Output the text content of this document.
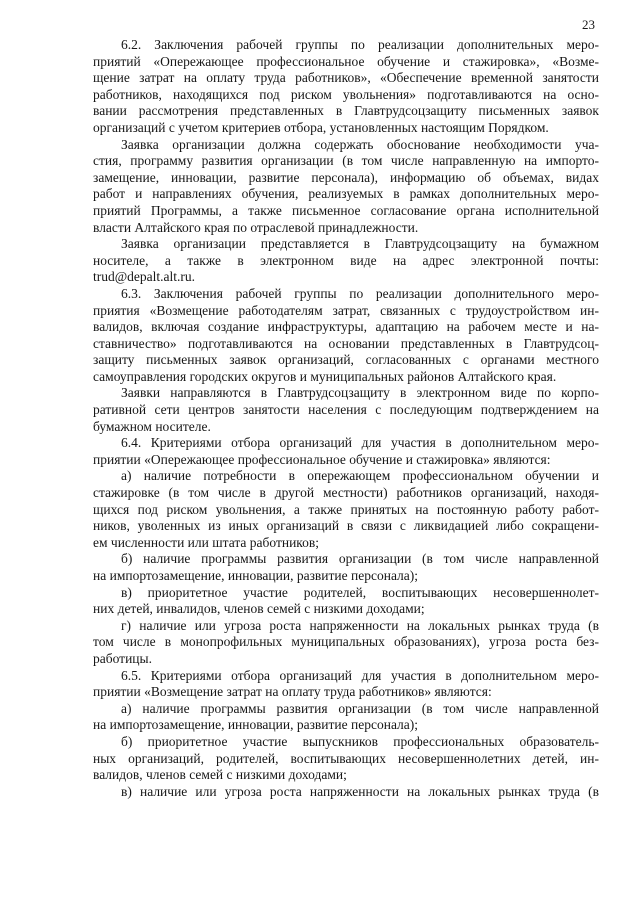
23
6.2. Заключения рабочей группы по реализации дополнительных меро-
приятий «Опережающее профессиональное обучение и стажировка», «Возме-
щение затрат на оплату труда работников», «Обеспечение временной занятости
работников, находящихся под риском увольнения» подготавливаются на осно-
вании рассмотрения представленных в Главтрудсоцзащиту письменных заявок
организаций с учетом критериев отбора, установленных настоящим Порядком.
Заявка организации должна содержать обоснование необходимости уча-
стия, программу развития организации (в том числе направленную на импорто-
замещение, инновации, развитие персонала), информацию об объемах, видах
работ и направлениях обучения, реализуемых в рамках дополнительных меро-
приятий Программы, а также письменное согласование органа исполнительной
власти Алтайского края по отраслевой принадлежности.
Заявка организации представляется в Главтрудсоцзащиту на бумажном
носителе, а также в электронном виде на адрес электронной почты:
trud@depalt.alt.ru.
6.3. Заключения рабочей группы по реализации дополнительного меро-
приятия «Возмещение работодателям затрат, связанных с трудоустройством ин-
валидов, включая создание инфраструктуры, адаптацию на рабочем месте и на-
ставничество» подготавливаются на основании представленных в Главтрудсоц-
защиту письменных заявок организаций, согласованных с органами местного
самоуправления городских округов и муниципальных районов Алтайского края.
Заявки направляются в Главтрудсоцзащиту в электронном виде по корпо-
ративной сети центров занятости населения с последующим подтверждением на
бумажном носителе.
6.4. Критериями отбора организаций для участия в дополнительном меро-
приятии «Опережающее профессиональное обучение и стажировка» являются:
а) наличие потребности в опережающем профессиональном обучении и
стажировке (в том числе в другой местности) работников организаций, находя-
щихся под риском увольнения, а также принятых на постоянную работу работ-
ников, уволенных из иных организаций в связи с ликвидацией либо сокращени-
ем численности или штата работников;
б) наличие программы развития организации (в том числе направленной
на импортозамещение, инновации, развитие персонала);
в) приоритетное участие родителей, воспитывающих несовершеннолет-
них детей, инвалидов, членов семей с низкими доходами;
г) наличие или угроза роста напряженности на локальных рынках труда (в
том числе в монопрофильных муниципальных образованиях), угроза роста без-
работицы.
6.5. Критериями отбора организаций для участия в дополнительном меро-
приятии «Возмещение затрат на оплату труда работников» являются:
а) наличие программы развития организации (в том числе направленной
на импортозамещение, инновации, развитие персонала);
б) приоритетное участие выпускников профессиональных образователь-
ных организаций, родителей, воспитывающих несовершеннолетних детей, ин-
валидов, членов семей с низкими доходами;
в) наличие или угроза роста напряженности на локальных рынках труда (в
